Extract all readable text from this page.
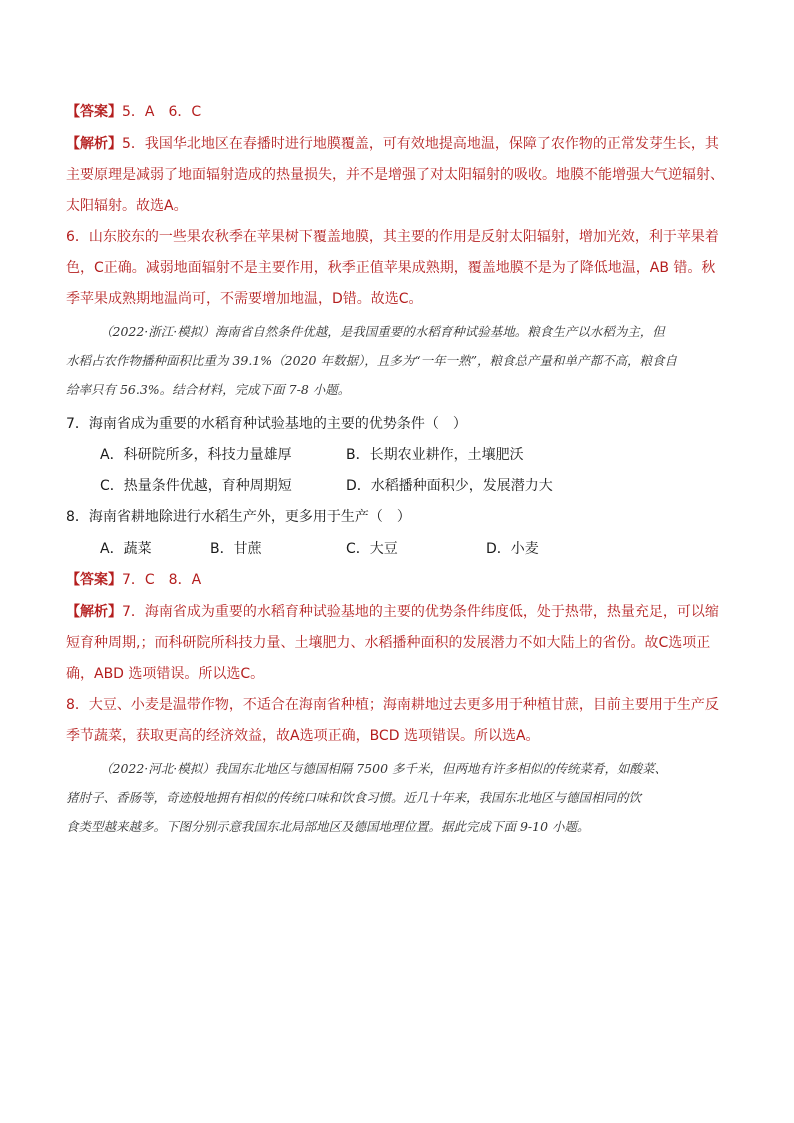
【答案】5．A　6．C
【解析】5．我国华北地区在春播时进行地膜覆盖，可有效地提高地温，保障了农作物的正常发芽生长，其
主要原理是减弱了地面辐射造成的热量损失，并不是增强了对太阳辐射的吸收。地膜不能增强大气逆辐射、
太阳辐射。故选A。
6．山东胶东的一些果农秋季在苹果树下覆盖地膜，其主要的作用是反射太阳辐射，增加光效，利于苹果着
色，C正确。减弱地面辐射不是主要作用，秋季正值苹果成熟期，覆盖地膜不是为了降低地温，AB 错。秋
季苹果成熟期地温尚可，不需要增加地温，D错。故选C。
（2022·浙江·模拟）海南省自然条件优越，是我国重要的水稻育种试验基地。粮食生产以水稻为主，但
水稻占农作物播种面积比重为 39.1%（2020 年数据），且多为“一年一熟”，粮食总产量和单产都不高，粮食自
给率只有 56.3%。结合材料，完成下面 7-8 小题。
7．海南省成为重要的水稻育种试验基地的主要的优势条件（　）
A．科研院所多，科技力量雄厚	B．长期农业耕作，土壤肥沃
C．热量条件优越，育种周期短	D．水稻播种面积少，发展潜力大
8．海南省耕地除进行水稻生产外，更多用于生产（　）
A．蔬菜	B．甘蔗	C．大豆	D．小麦
【答案】7．C　8．A
【解析】7．海南省成为重要的水稻育种试验基地的主要的优势条件纬度低，处于热带，热量充足，可以缩
短育种周期,；而科研院所科技力量、土壤肥力、水稻播种面积的发展潜力不如大陆上的省份。故C选项正
确，ABD 选项错误。所以选C。
8．大豆、小麦是温带作物，不适合在海南省种植；海南耕地过去更多用于种植甘蔗，目前主要用于生产反
季节蔬菜，获取更高的经济效益，故A选项正确，BCD 选项错误。所以选A。
（2022·河北·模拟）我国东北地区与德国相隔 7500 多千米，但两地有许多相似的传统菜肴，如酸菜、
猪肘子、香肠等，奇迹般地拥有相似的传统口味和饮食习惯。近几十年来，我国东北地区与德国相同的饮
食类型越来越多。下图分别示意我国东北局部地区及德国地理位置。据此完成下面 9-10 小题。
